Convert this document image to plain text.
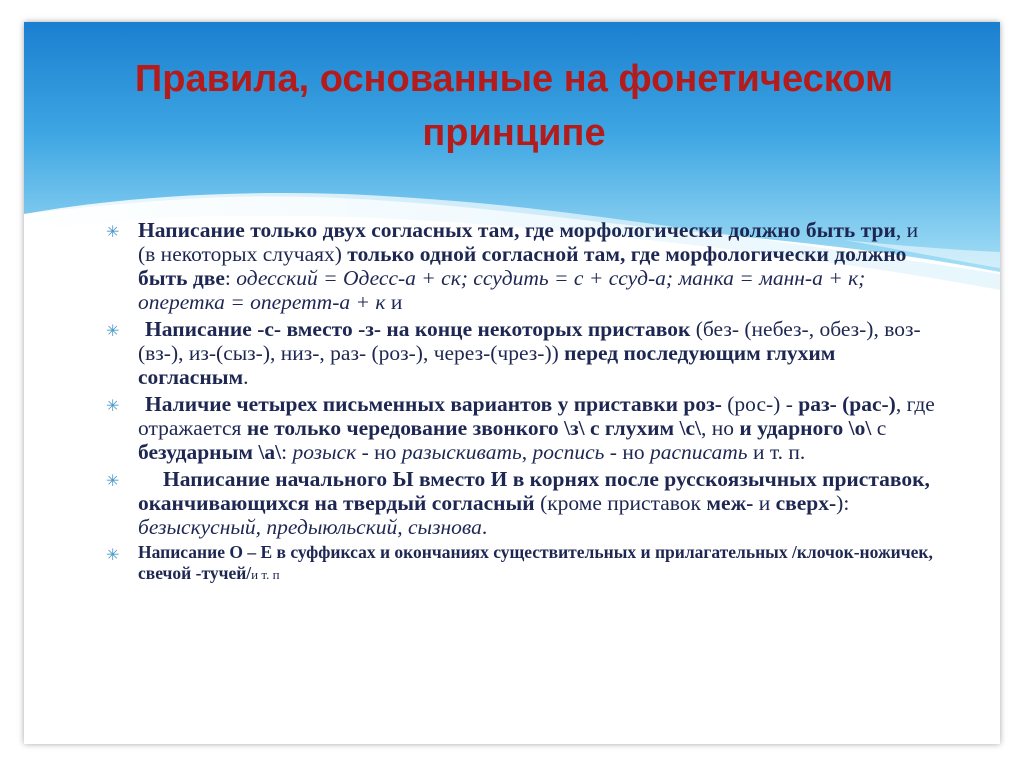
Правила, основанные на фонетическом
принципе
✳ Написание только двух согласных там, где морфологически должно быть три, и (в некоторых случаях) только одной согласной там, где морфологически должно быть две: одесский = Одесс-а + ск; ссудить = с + ссуд-а; манка = манн-а + к; оперетка = оперетт-а + к и
✳ Написание -с- вместо -з- на конце некоторых приставок (без- (небез-, обез-), воз-(вз-), из-(сыз-), низ-, раз- (роз-), через-(чрез-)) перед последующим глухим согласным.
✳ Наличие четырех письменных вариантов у приставки роз- (рос-) - раз- (рас-), где отражается не только чередование звонкого \з\ с глухим \с\, но и ударного \о\ с безударным \а\: розыск - но разыскивать, роспись - но расписать и т. п.
✳ Написание начального Ы вместо И в корнях после русскоязычных приставок, оканчивающихся на твердый согласный (кроме приставок меж- и сверх-): безыскусный, предыюльский, сызнова.
✳ Написание О – Е в суффиксах и окончаниях существительных и прилагательных /клочок-ножичек, свечой -тучей/и т. п
